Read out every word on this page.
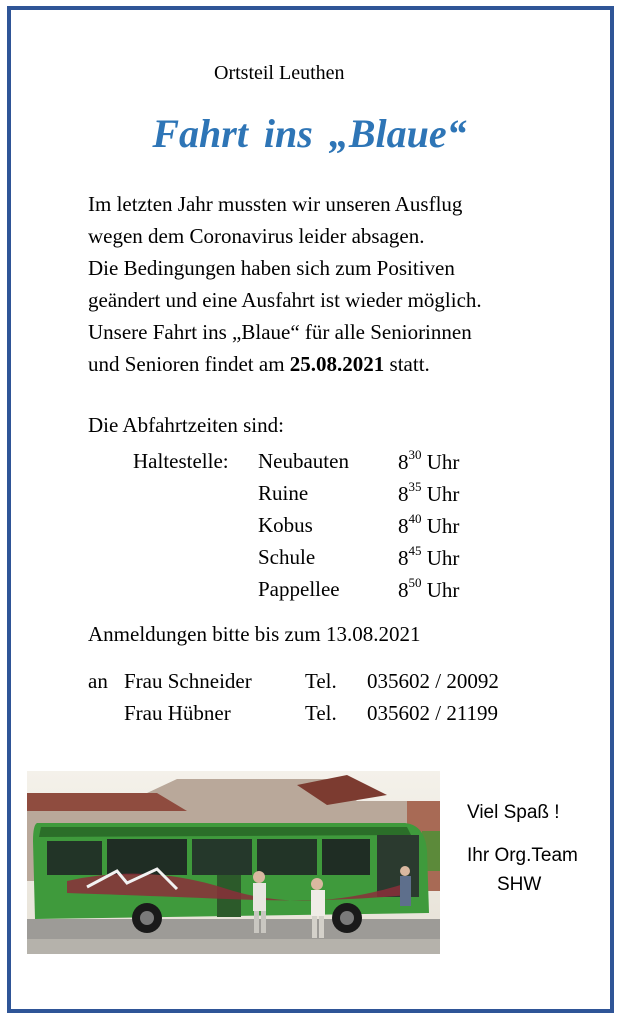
Ortsteil Leuthen
Fahrt ins „Blaue“
Im letzten Jahr mussten wir unseren Ausflug
wegen dem Coronavirus leider absagen.
Die Bedingungen haben sich zum Positiven
geändert und eine Ausfahrt ist wieder möglich.
Unsere Fahrt ins „Blaue“ für alle Seniorinnen
und Senioren findet am 25.08.2021 statt.
Die Abfahrtzeiten sind:
Haltestelle: Neubauten $8^{30}$ Uhr
Ruine	$8^{35}$ Uhr
Kobus	$8^{40}$ Uhr
Schule	$8^{45}$ Uhr
Pappellee	$8^{50}$ Uhr
Anmeldungen bitte bis zum 13.08.2021
an Frau Schneider	Tel. 035602 / 20092
Frau Hübner	Tel. 035602 / 21199
Viel Spaß !
Ihr Org.Team
SHW
